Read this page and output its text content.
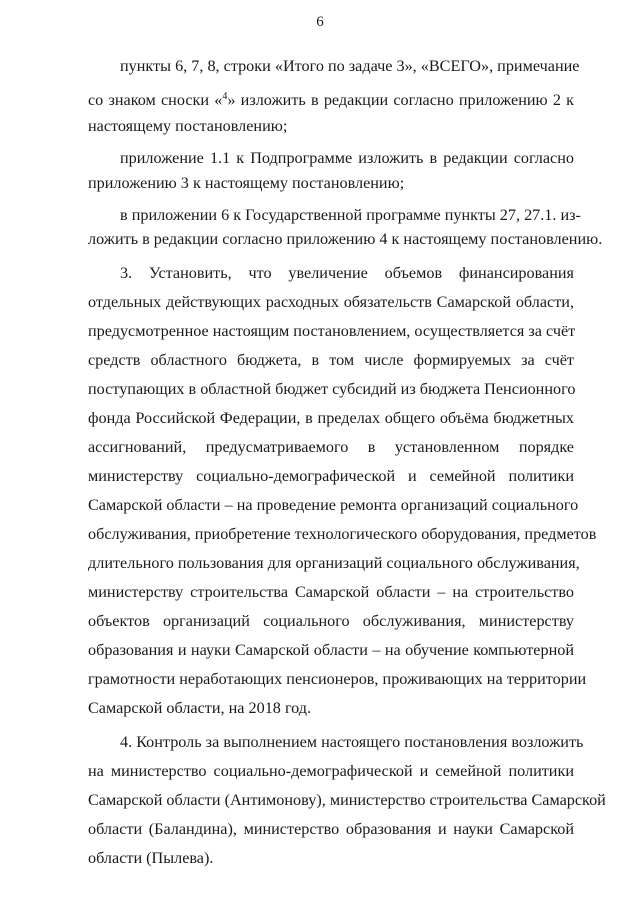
6
пункты 6, 7, 8, строки «Итого по задаче 3», «ВСЕГО», примечание
со знаком сноски «$^4$» изложить в редакции согласно приложению 2 к
настоящему постановлению;
приложение 1.1 к Подпрограмме изложить в редакции согласно
приложению 3 к настоящему постановлению;
в приложении 6 к Государственной программе пункты 27, 27.1. из-
ложить в редакции согласно приложению 4 к настоящему постановлению.
3. Установить, что увеличение объемов финансирования
отдельных действующих расходных обязательств Самарской области,
предусмотренное настоящим постановлением, осуществляется за счёт
средств областного бюджета, в том числе формируемых за счёт
поступающих в областной бюджет субсидий из бюджета Пенсионного
фонда Российской Федерации, в пределах общего объёма бюджетных
ассигнований, предусматриваемого в установленном порядке
министерству социально-демографической и семейной политики
Самарской области – на проведение ремонта организаций социального
обслуживания, приобретение технологического оборудования, предметов
длительного пользования для организаций социального обслуживания,
министерству строительства Самарской области – на строительство
объектов организаций социального обслуживания, министерству
образования и науки Самарской области – на обучение компьютерной
грамотности неработающих пенсионеров, проживающих на территории
Самарской области, на 2018 год.
4. Контроль за выполнением настоящего постановления возложить
на министерство социально-демографической и семейной политики
Самарской области (Антимонову), министерство строительства Самарской
области (Баландина), министерство образования и науки Самарской
области (Пылева).
